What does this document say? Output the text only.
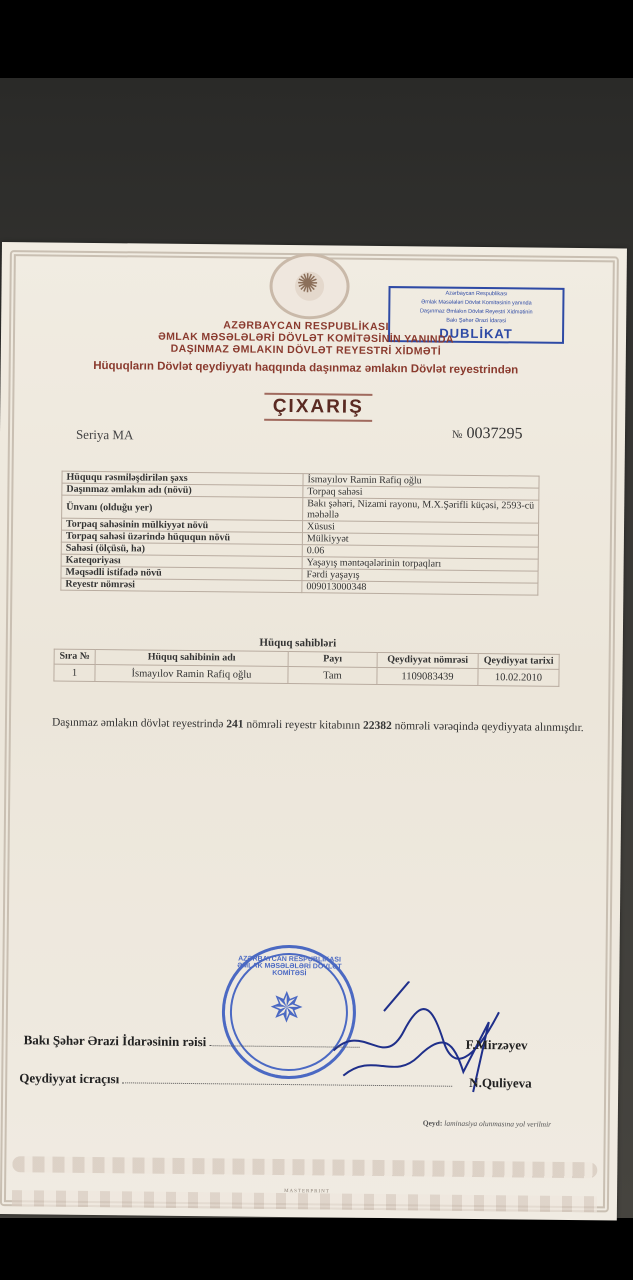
✺	Azərbaycan Respublikası
Əmlak Məsələləri Dövlət Komitəsinin yanında
Daşınmaz Əmlakın Dövlət Reyestri Xidmətinin
Bakı Şəhər Ərazi İdarəsi
DUBLİKAT
AZƏRBAYCAN RESPUBLİKASI
ƏMLAK MƏSƏLƏLƏRİ DÖVLƏT KOMİTƏSİNİN YANINDA
DAŞINMAZ ƏMLAKIN DÖVLƏT REYESTRİ XİDMƏTİ
Hüquqların Dövlət qeydiyyatı haqqında daşınmaz əmlakın Dövlət reyestrindən
ÇIXARIŞ
Seriya MA	№ 0037295
Hüququ rəsmiləşdirilən şəxs	İsmayılov Ramin Rafiq oğlu
Daşınmaz əmlakın adı (növü)	Torpaq sahəsi
Ünvanı (olduğu yer)	Bakı şəhəri, Nizami rayonu, M.X.Şərifli küçəsi, 2593-cü məhəllə
Torpaq sahəsinin mülkiyyət növü	Xüsusi
Torpaq sahəsi üzərində hüququn növü	Mülkiyyət
Sahəsi (ölçüsü, ha)	0.06
Kateqoriyası	Yaşayış məntəqələrinin torpaqları
Məqsədli istifadə növü	Fərdi yaşayış
Reyestr nömrəsi	009013000348
Hüquq sahibləri
Sıra №	Hüquq sahibinin adı	Payı	Qeydiyyat nömrəsi	Qeydiyyat tarixi
1	İsmayılov Ramin Rafiq oğlu	Tam	1109083439	10.02.2010
Daşınmaz əmlakın dövlət reyestrində 241 nömrəli reyestr kitabının 22382 nömrəli vərəqində qeydiyyata alınmışdır.
AZƏRBAYCAN RESPUBLİKASI ƏMLAK MƏSƏLƏLƏRİ DÖVLƏT KOMİTƏSİ
✵
Bakı Şəhər Ərazi İdarəsinin rəisi	F.Mirzəyev
Qeydiyyat icraçısı	N.Quliyeva
Qeyd: laminasiya olunmasına yol verilmir
MASTERPRINT
